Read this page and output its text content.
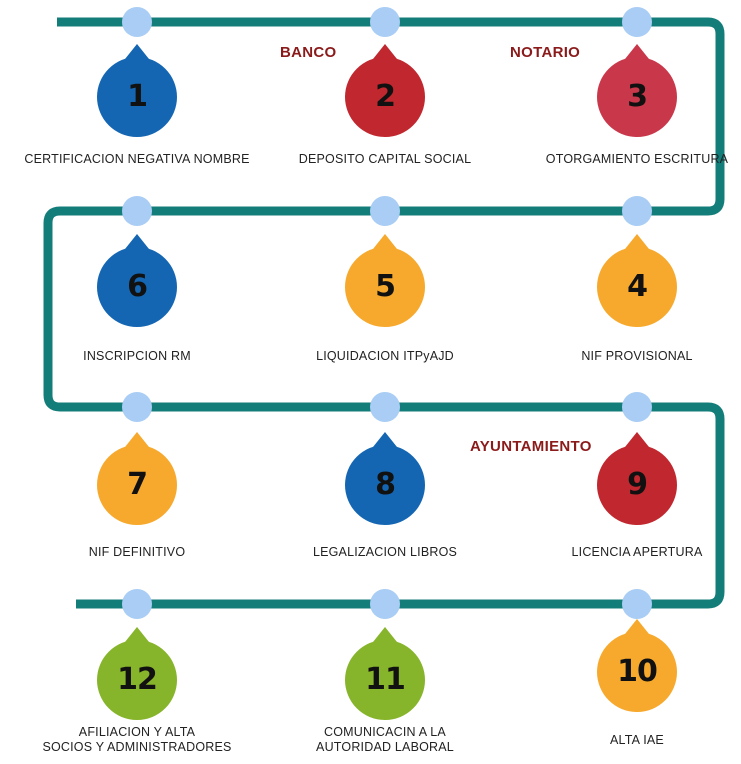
BANCO	NOTARIO
AYUNTAMIENTO
1
CERTIFICACION NEGATIVA NOMBRE
2
DEPOSITO CAPITAL SOCIAL
3
OTORGAMIENTO ESCRITURA
4
NIF PROVISIONAL
5
LIQUIDACION ITPyAJD
6
INSCRIPCION RM
7
NIF DEFINITIVO
8
LEGALIZACION LIBROS
9
LICENCIA APERTURA
10
ALTA IAE
11
COMUNICACIN A LA
AUTORIDAD LABORAL
12
AFILIACION Y ALTA
SOCIOS Y ADMINISTRADORES
